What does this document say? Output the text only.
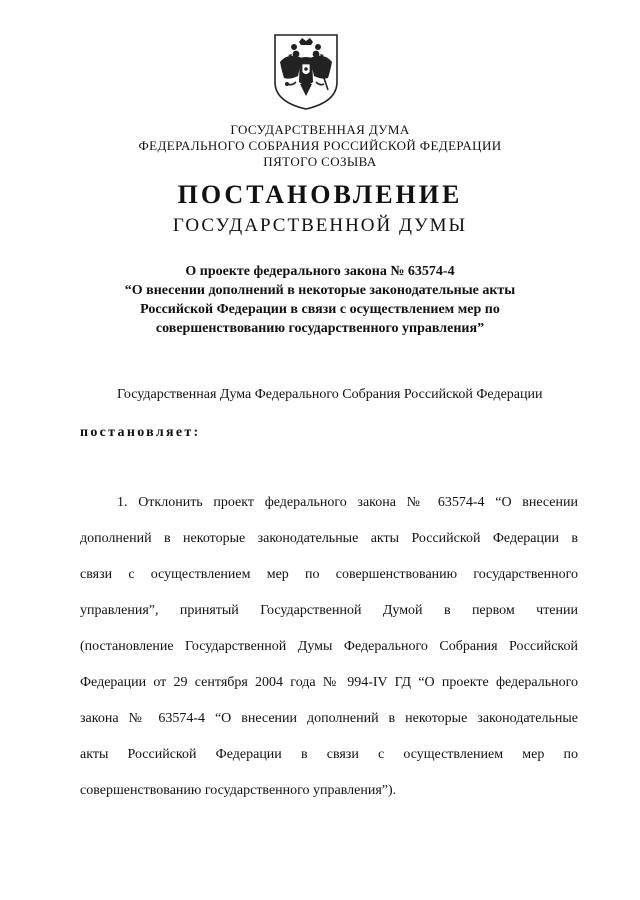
ГОСУДАРСТВЕННАЯ ДУМА
ФЕДЕРАЛЬНОГО СОБРАНИЯ РОССИЙСКОЙ ФЕДЕРАЦИИ
ПЯТОГО СОЗЫВА
ПОСТАНОВЛЕНИЕ
ГОСУДАРСТВЕННОЙ ДУМЫ
О проекте федерального закона № 63574-4
“О внесении дополнений в некоторые законодательные акты
Российской Федерации в связи с осуществлением мер по
совершенствованию государственного управления”
Государственная Дума Федерального Собрания Российской Федерации
постановляет:
1. Отклонить проект федерального закона № 63574-4 “О внесении
дополнений в некоторые законодательные акты Российской Федерации в
связи с осуществлением мер по совершенствованию государственного
управления”, принятый Государственной Думой в первом чтении
(постановление Государственной Думы Федерального Собрания Российской
Федерации от 29 сентября 2004 года № 994-IV ГД “О проекте федерального
закона № 63574-4 “О внесении дополнений в некоторые законодательные
акты Российской Федерации в связи с осуществлением мер по
совершенствованию государственного управления”).
